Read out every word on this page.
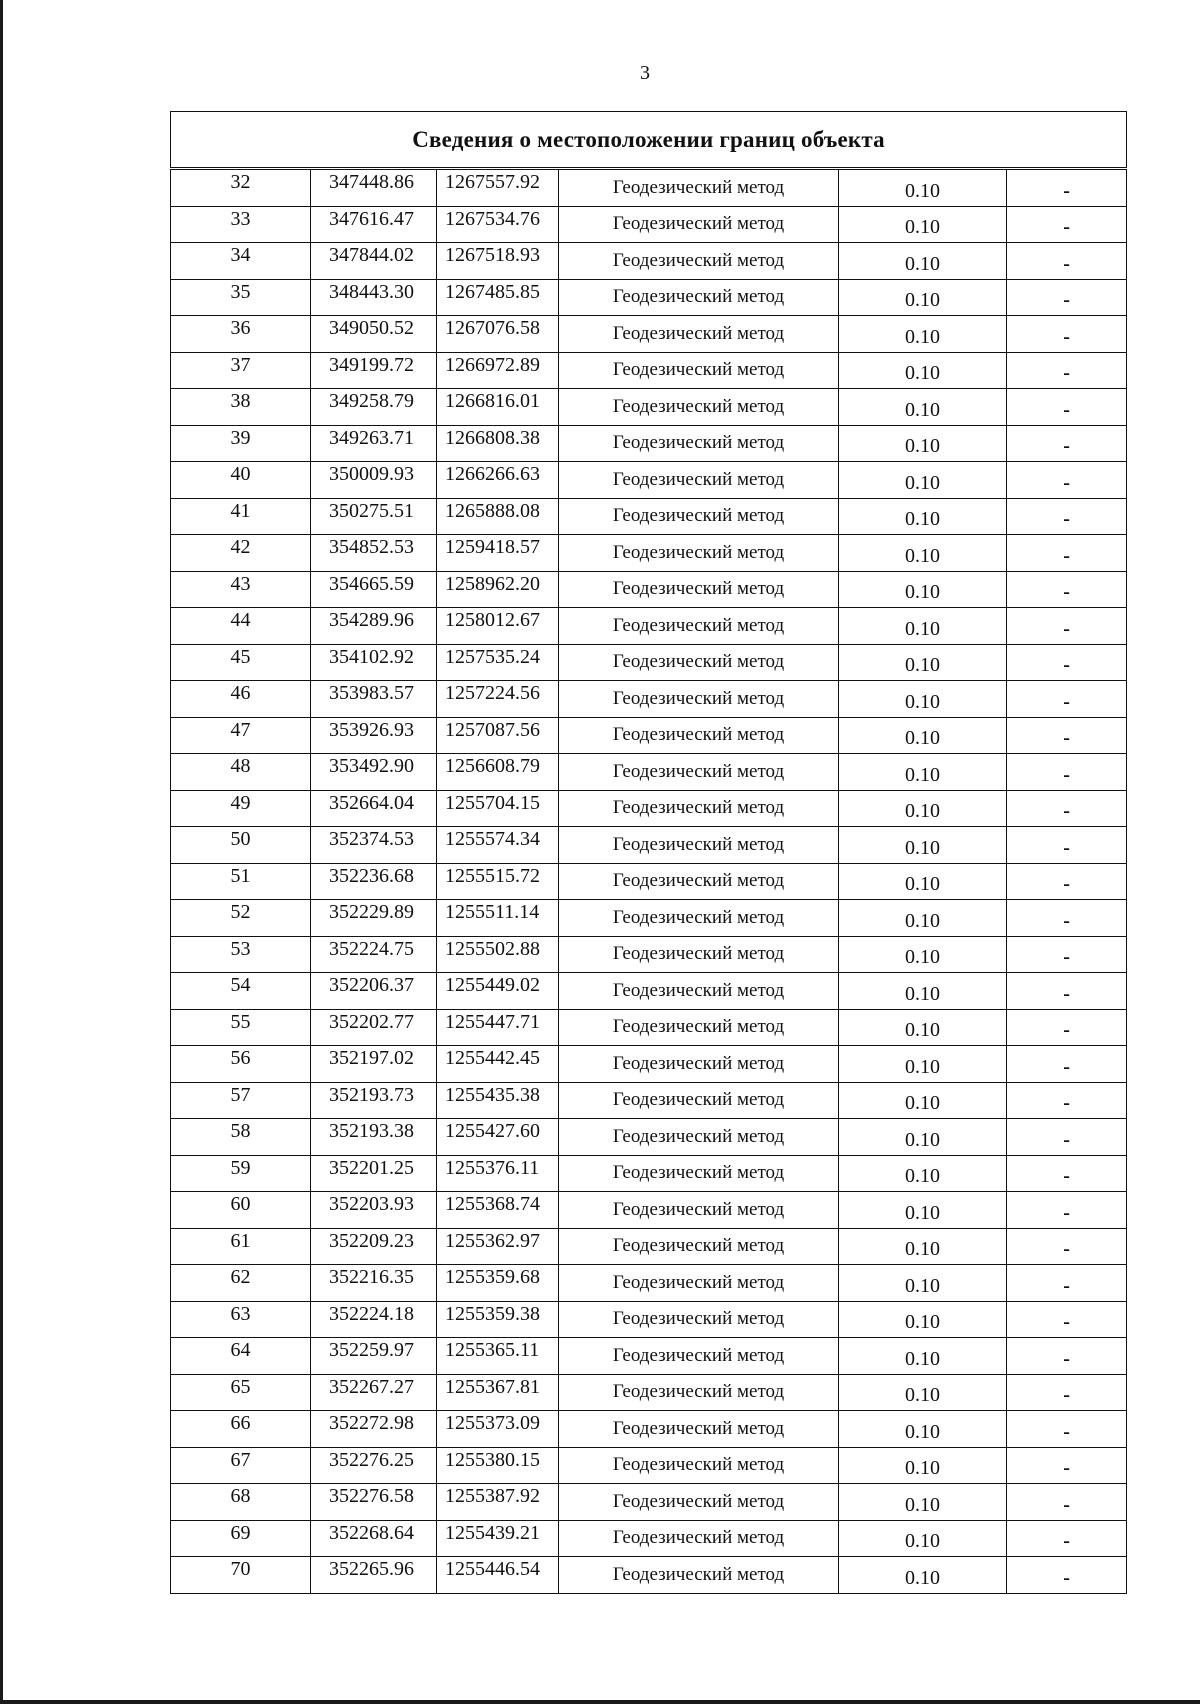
3
Сведения о местоположении границ объекта					

32	347448.86	1267557.92	Геодезический метод	0.10	-
33	347616.47	1267534.76	Геодезический метод	0.10	-
34	347844.02	1267518.93	Геодезический метод	0.10	-
35	348443.30	1267485.85	Геодезический метод	0.10	-
36	349050.52	1267076.58	Геодезический метод	0.10	-
37	349199.72	1266972.89	Геодезический метод	0.10	-
38	349258.79	1266816.01	Геодезический метод	0.10	-
39	349263.71	1266808.38	Геодезический метод	0.10	-
40	350009.93	1266266.63	Геодезический метод	0.10	-
41	350275.51	1265888.08	Геодезический метод	0.10	-
42	354852.53	1259418.57	Геодезический метод	0.10	-
43	354665.59	1258962.20	Геодезический метод	0.10	-
44	354289.96	1258012.67	Геодезический метод	0.10	-
45	354102.92	1257535.24	Геодезический метод	0.10	-
46	353983.57	1257224.56	Геодезический метод	0.10	-
47	353926.93	1257087.56	Геодезический метод	0.10	-
48	353492.90	1256608.79	Геодезический метод	0.10	-
49	352664.04	1255704.15	Геодезический метод	0.10	-
50	352374.53	1255574.34	Геодезический метод	0.10	-
51	352236.68	1255515.72	Геодезический метод	0.10	-
52	352229.89	1255511.14	Геодезический метод	0.10	-
53	352224.75	1255502.88	Геодезический метод	0.10	-
54	352206.37	1255449.02	Геодезический метод	0.10	-
55	352202.77	1255447.71	Геодезический метод	0.10	-
56	352197.02	1255442.45	Геодезический метод	0.10	-
57	352193.73	1255435.38	Геодезический метод	0.10	-
58	352193.38	1255427.60	Геодезический метод	0.10	-
59	352201.25	1255376.11	Геодезический метод	0.10	-
60	352203.93	1255368.74	Геодезический метод	0.10	-
61	352209.23	1255362.97	Геодезический метод	0.10	-
62	352216.35	1255359.68	Геодезический метод	0.10	-
63	352224.18	1255359.38	Геодезический метод	0.10	-
64	352259.97	1255365.11	Геодезический метод	0.10	-
65	352267.27	1255367.81	Геодезический метод	0.10	-
66	352272.98	1255373.09	Геодезический метод	0.10	-
67	352276.25	1255380.15	Геодезический метод	0.10	-
68	352276.58	1255387.92	Геодезический метод	0.10	-
69	352268.64	1255439.21	Геодезический метод	0.10	-
70	352265.96	1255446.54	Геодезический метод	0.10	-
